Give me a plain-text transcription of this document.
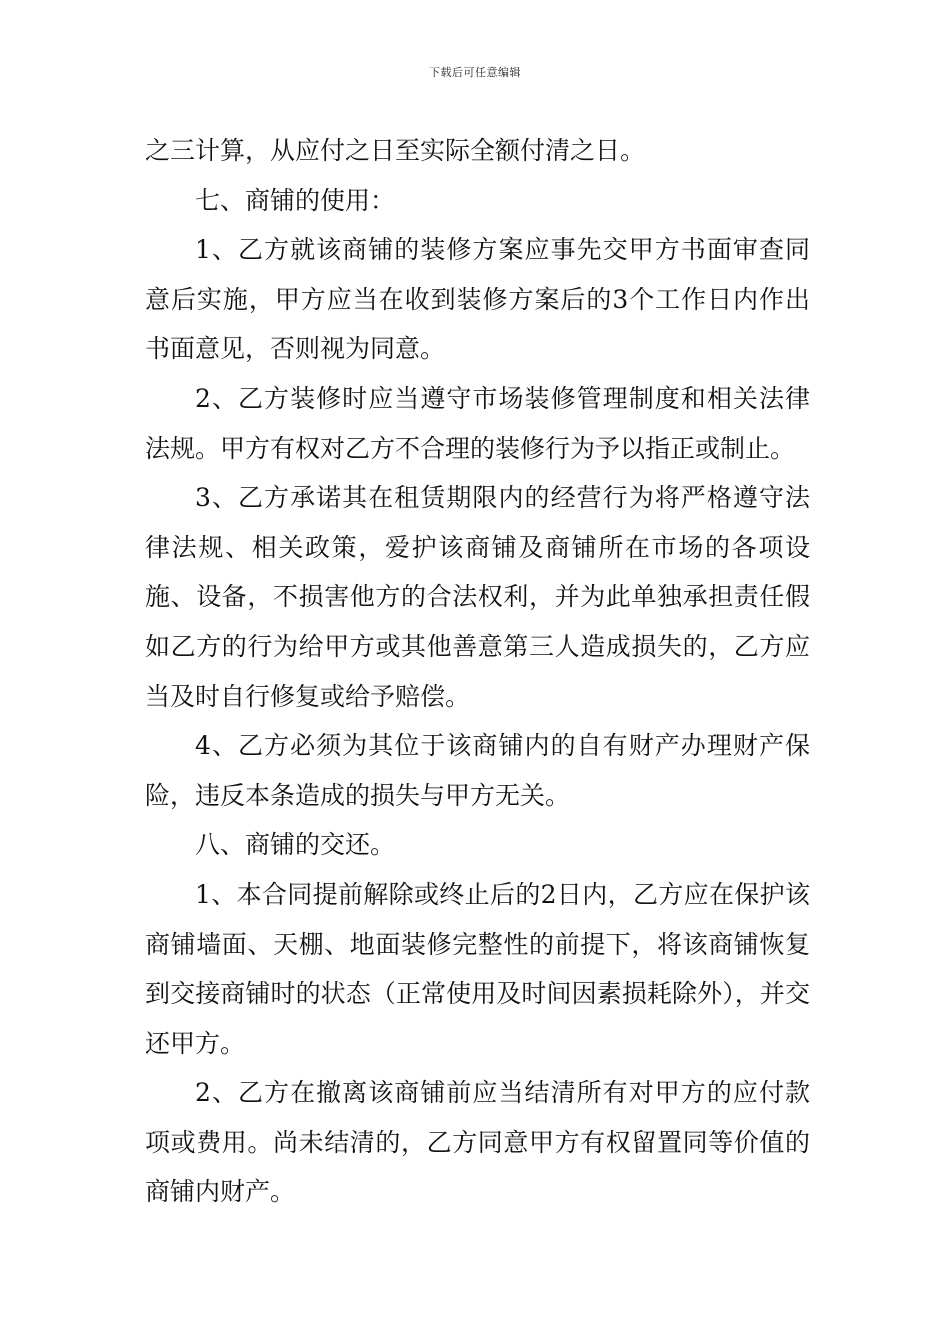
下载后可任意编辑

之三计算，从应付之日至实际全额付清之日。

七、商铺的使用：

1、乙方就该商铺的装修方案应事先交甲方书面审查同意后实施，甲方应当在收到装修方案后的3个工作日内作出书面意见，否则视为同意。

2、乙方装修时应当遵守市场装修管理制度和相关法律法规。甲方有权对乙方不合理的装修行为予以指正或制止。

3、乙方承诺其在租赁期限内的经营行为将严格遵守法律法规、相关政策，爱护该商铺及商铺所在市场的各项设施、设备，不损害他方的合法权利，并为此单独承担责任假如乙方的行为给甲方或其他善意第三人造成损失的，乙方应当及时自行修复或给予赔偿。

4、乙方必须为其位于该商铺内的自有财产办理财产保险，违反本条造成的损失与甲方无关。

八、商铺的交还。

1、本合同提前解除或终止后的2日内，乙方应在保护该商铺墙面、天棚、地面装修完整性的前提下，将该商铺恢复到交接商铺时的状态（正常使用及时间因素损耗除外），并交还甲方。

2、乙方在撤离该商铺前应当结清所有对甲方的应付款项或费用。尚未结清的，乙方同意甲方有权留置同等价值的商铺内财产。
